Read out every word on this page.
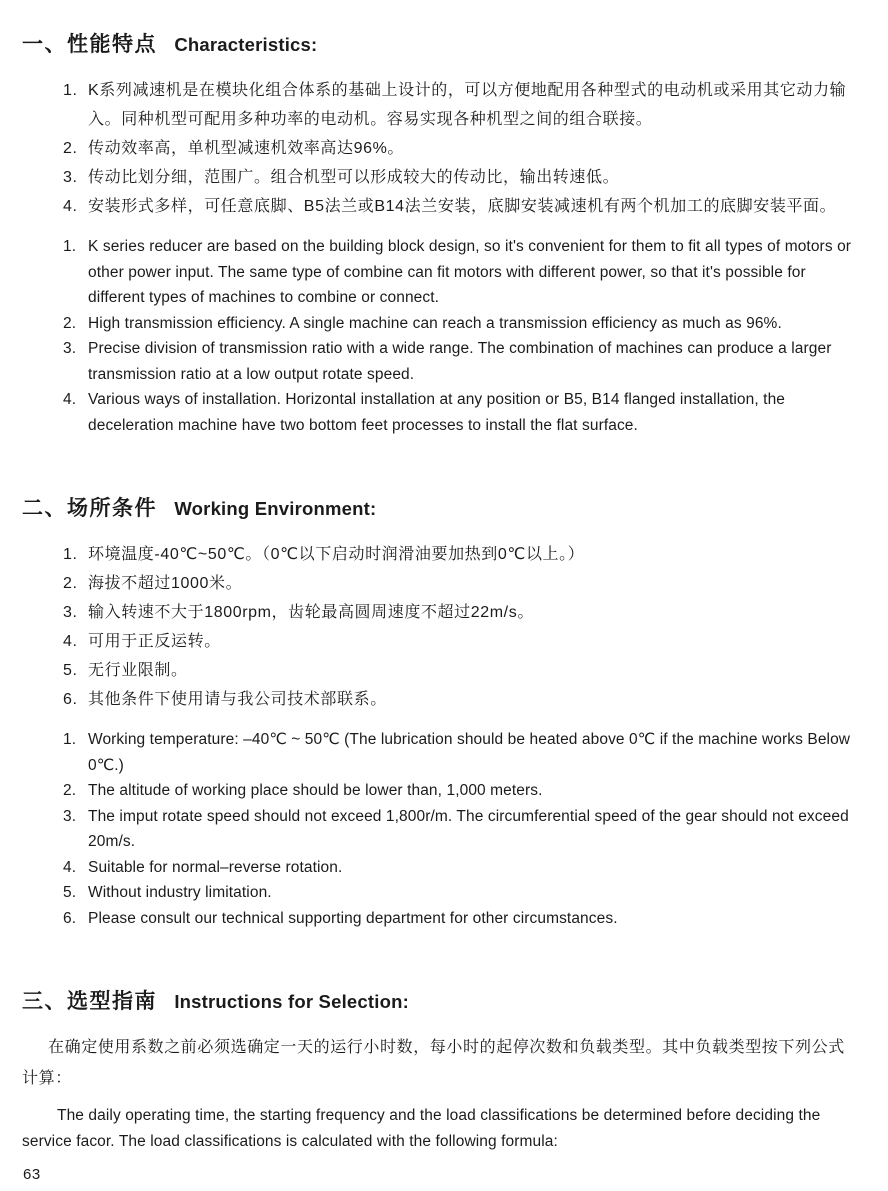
一、性能特点 Characteristics:
1. K系列减速机是在模块化组合体系的基础上设计的，可以方便地配用各种型式的电动机或采用其它动力输入。同种机型可配用多种功率的电动机。容易实现各种机型之间的组合联接。
2. 传动效率高，单机型减速机效率高达96%。
3. 传动比划分细，范围广。组合机型可以形成较大的传动比，输出转速低。
4. 安装形式多样，可任意底脚、B5法兰或B14法兰安装，底脚安装减速机有两个机加工的底脚安装平面。
1. K series reducer are based on the building block design, so it's convenient for them to fit all types of motors or other power input. The same type of combine can fit motors with different power, so that it's possible for different types of machines to combine or connect.
2. High transmission efficiency. A single machine can reach a transmission efficiency as much as 96%.
3. Precise division of transmission ratio with a wide range. The combination of machines can produce a larger transmission ratio at a low output rotate speed.
4. Various ways of installation. Horizontal installation at any position or B5, B14 flanged installation, the deceleration machine have two bottom feet processes to install the flat surface.
二、场所条件 Working Environment:
1. 环境温度-40℃~50℃。（0℃以下启动时润滑油要加热到0℃以上。）
2. 海拔不超过1000米。
3. 输入转速不大于1800rpm，齿轮最高圆周速度不超过22m/s。
4. 可用于正反运转。
5. 无行业限制。
6. 其他条件下使用请与我公司技术部联系。
1. Working temperature: –40℃ ~ 50℃ (The lubrication should be heated above 0℃ if the machine works Below 0℃.)
2. The altitude of working place should be lower than, 1,000 meters.
3. The imput rotate speed should not exceed 1,800r/m. The circumferential speed of the gear should not exceed 20m/s.
4. Suitable for normal–reverse rotation.
5. Without industry limitation.
6. Please consult our technical supporting department for other circumstances.
三、选型指南 Instructions for Selection:

在确定使用系数之前必须选确定一天的运行小时数，每小时的起停次数和负载类型。其中负载类型按下列公式计算：

The daily operating time, the starting frequency and the load classifications be determined before deciding the service facor. The load classifications is calculated with the following formula:

63
